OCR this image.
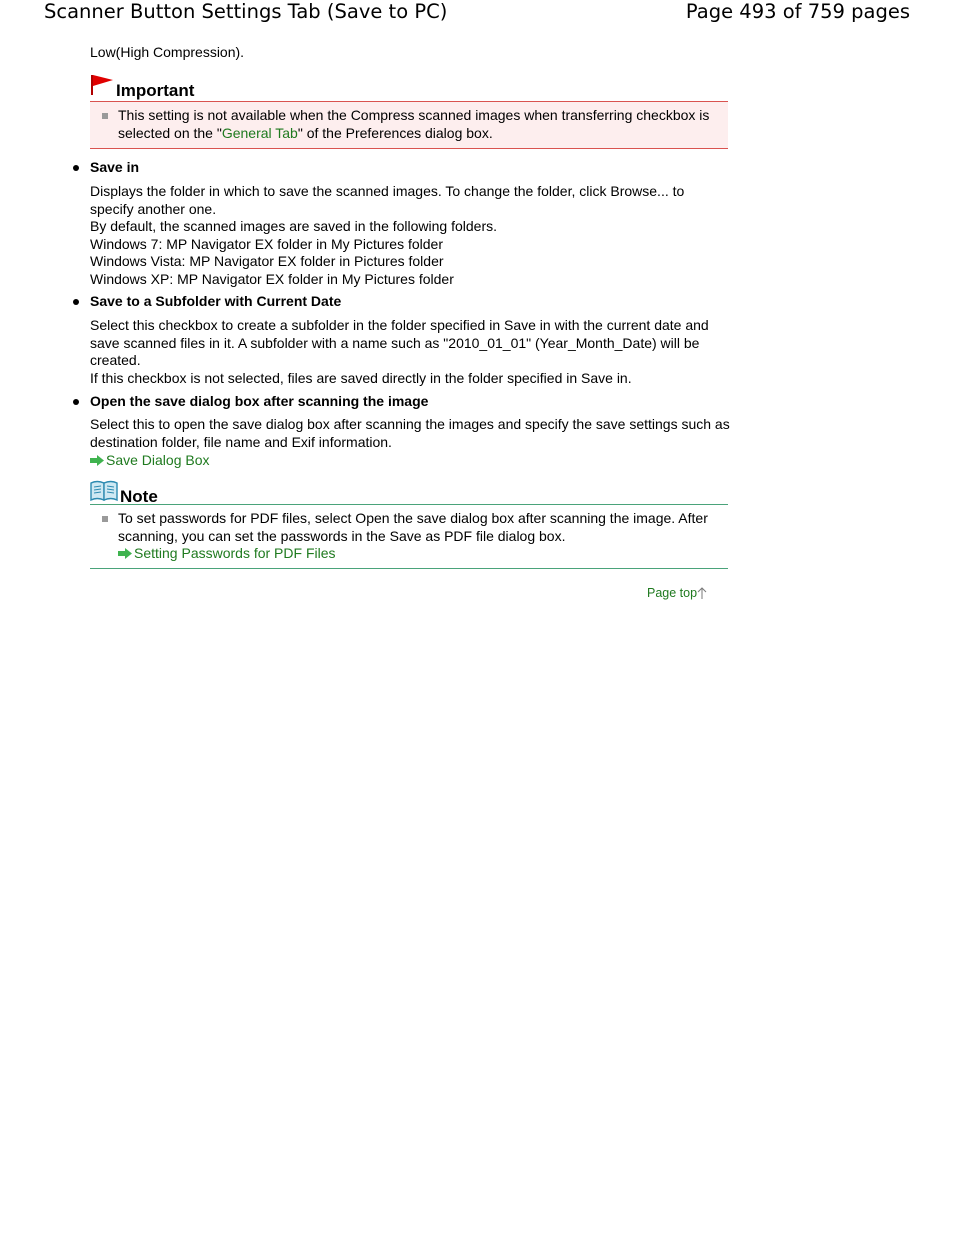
Scanner Button Settings Tab (Save to PC)	Page 493 of 759 pages
Low(High Compression).
Important
This setting is not available when the Compress scanned images when transferring checkbox is selected on the "General Tab" of the Preferences dialog box.
Save in
Displays the folder in which to save the scanned images. To change the folder, click Browse... to specify another one.
By default, the scanned images are saved in the following folders.
Windows 7: MP Navigator EX folder in My Pictures folder
Windows Vista: MP Navigator EX folder in Pictures folder
Windows XP: MP Navigator EX folder in My Pictures folder
Save to a Subfolder with Current Date
Select this checkbox to create a subfolder in the folder specified in Save in with the current date and save scanned files in it. A subfolder with a name such as "2010_01_01" (Year_Month_Date) will be created.
If this checkbox is not selected, files are saved directly in the folder specified in Save in.
Open the save dialog box after scanning the image
Select this to open the save dialog box after scanning the images and specify the save settings such as destination folder, file name and Exif information.
Save Dialog Box
Note
To set passwords for PDF files, select Open the save dialog box after scanning the image. After scanning, you can set the passwords in the Save as PDF file dialog box.
Setting Passwords for PDF Files
Page top
